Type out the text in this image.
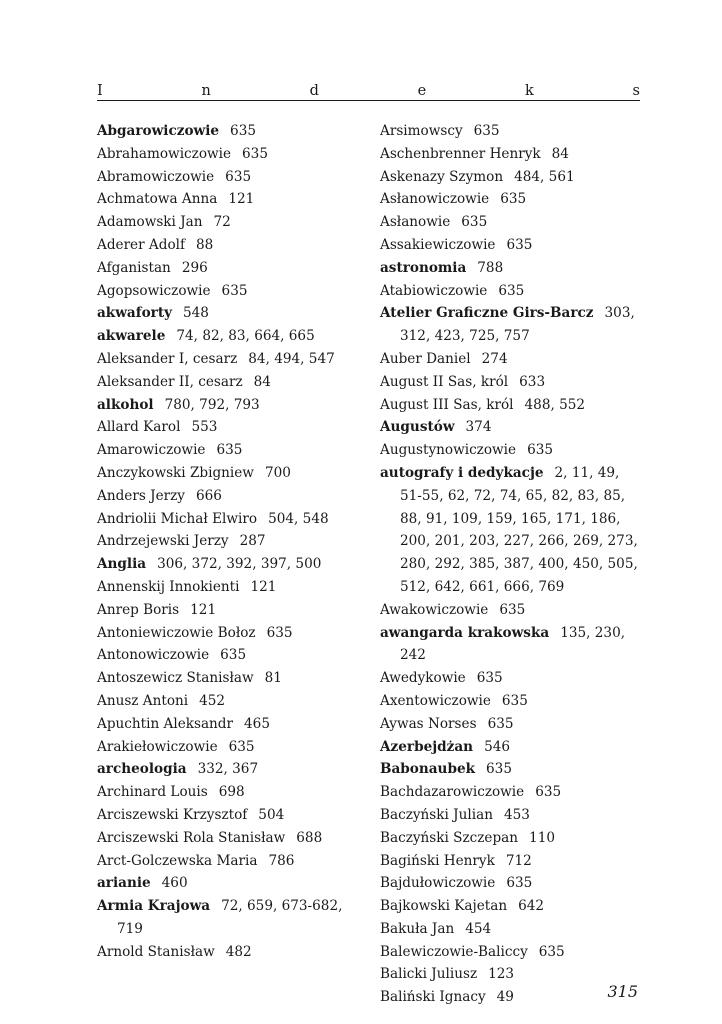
I	n	d	e	k	s

Abgarowiczowie 635

Abrahamowiczowie 635

Abramowiczowie 635

Achmatowa Anna 121

Adamowski Jan 72

Aderer Adolf 88

Afganistan 296

Agopsowiczowie 635

akwaforty 548

akwarele 74, 82, 83, 664, 665

Aleksander I, cesarz 84, 494, 547

Aleksander II, cesarz 84

alkohol 780, 792, 793

Allard Karol 553

Amarowiczowie 635

Anczykowski Zbigniew 700

Anders Jerzy 666

Andriolii Michał Elwiro 504, 548

Andrzejewski Jerzy 287

Anglia 306, 372, 392, 397, 500

Annenskij Innokienti 121

Anrep Boris 121

Antoniewiczowie Bołoz 635

Antonowiczowie 635

Antoszewicz Stanisław 81

Anusz Antoni 452

Apuchtin Aleksandr 465

Arakiełowiczowie 635

archeologia 332, 367

Archinard Louis 698

Arciszewski Krzysztof 504

Arciszewski Rola Stanisław 688

Arct-Golczewska Maria 786

arianie 460

Armia Krajowa 72, 659, 673-682, 719

Arnold Stanisław 482

Arsimowscy 635

Aschenbrenner Henryk 84

Askenazy Szymon 484, 561

Asłanowiczowie 635

Asłanowie 635

Assakiewiczowie 635

astronomia 788

Atabiowiczowie 635

Atelier Graficzne Girs-Barcz 303, 312, 423, 725, 757

Auber Daniel 274

August II Sas, król 633

August III Sas, król 488, 552

Augustów 374

Augustynowiczowie 635

autografy i dedykacje 2, 11, 49, 51-55, 62, 72, 74, 65, 82, 83, 85, 88, 91, 109, 159, 165, 171, 186, 200, 201, 203, 227, 266, 269, 273, 280, 292, 385, 387, 400, 450, 505, 512, 642, 661, 666, 769

Awakowiczowie 635

awangarda krakowska 135, 230, 242

Awedykowie 635

Axentowiczowie 635

Aywas Norses 635

Azerbejdżan 546

Babonaubek 635

Bachdazarowiczowie 635

Baczyński Julian 453

Baczyński Szczepan 110

Bagiński Henryk 712

Bajdułowiczowie 635

Bajkowski Kajetan 642

Bakuła Jan 454

Balewiczowie-Baliccy 635

Balicki Juliusz 123

Baliński Ignacy 49	315
